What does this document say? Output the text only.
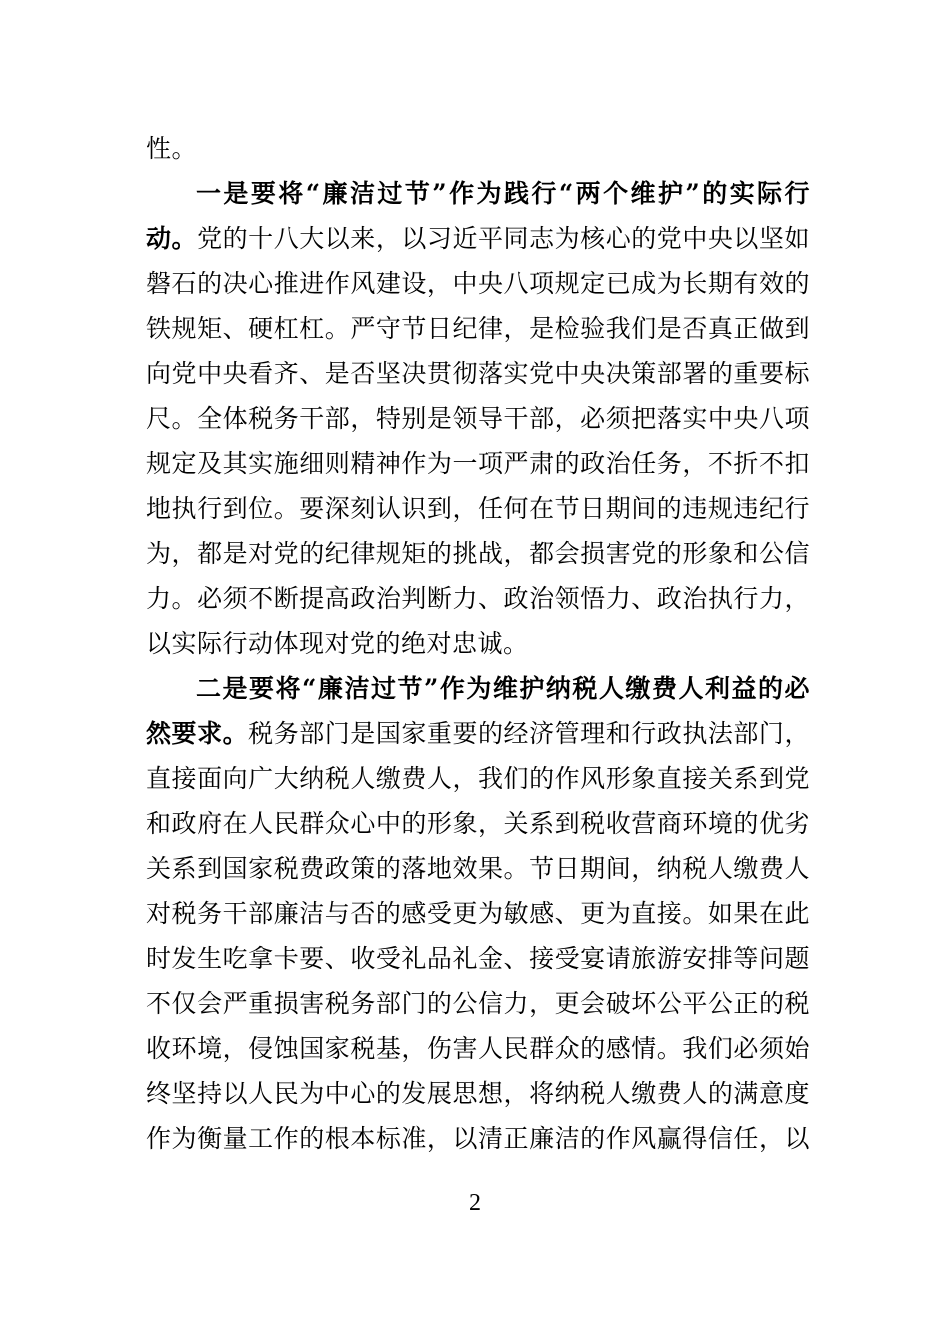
性。
一是要将“廉洁过节”作为践行“两个维护”的实际行
动。党的十八大以来，以习近平同志为核心的党中央以坚如
磐石的决心推进作风建设，中央八项规定已成为长期有效的
铁规矩、硬杠杠。严守节日纪律，是检验我们是否真正做到
向党中央看齐、是否坚决贯彻落实党中央决策部署的重要标
尺。全体税务干部，特别是领导干部，必须把落实中央八项
规定及其实施细则精神作为一项严肃的政治任务，不折不扣
地执行到位。要深刻认识到，任何在节日期间的违规违纪行
为，都是对党的纪律规矩的挑战，都会损害党的形象和公信
力。必须不断提高政治判断力、政治领悟力、政治执行力，
以实际行动体现对党的绝对忠诚。
二是要将“廉洁过节”作为维护纳税人缴费人利益的必
然要求。税务部门是国家重要的经济管理和行政执法部门，
直接面向广大纳税人缴费人，我们的作风形象直接关系到党
和政府在人民群众心中的形象，关系到税收营商环境的优劣
关系到国家税费政策的落地效果。节日期间，纳税人缴费人
对税务干部廉洁与否的感受更为敏感、更为直接。如果在此
时发生吃拿卡要、收受礼品礼金、接受宴请旅游安排等问题
不仅会严重损害税务部门的公信力，更会破坏公平公正的税
收环境，侵蚀国家税基，伤害人民群众的感情。我们必须始
终坚持以人民为中心的发展思想，将纳税人缴费人的满意度
作为衡量工作的根本标准，以清正廉洁的作风赢得信任，以
2
